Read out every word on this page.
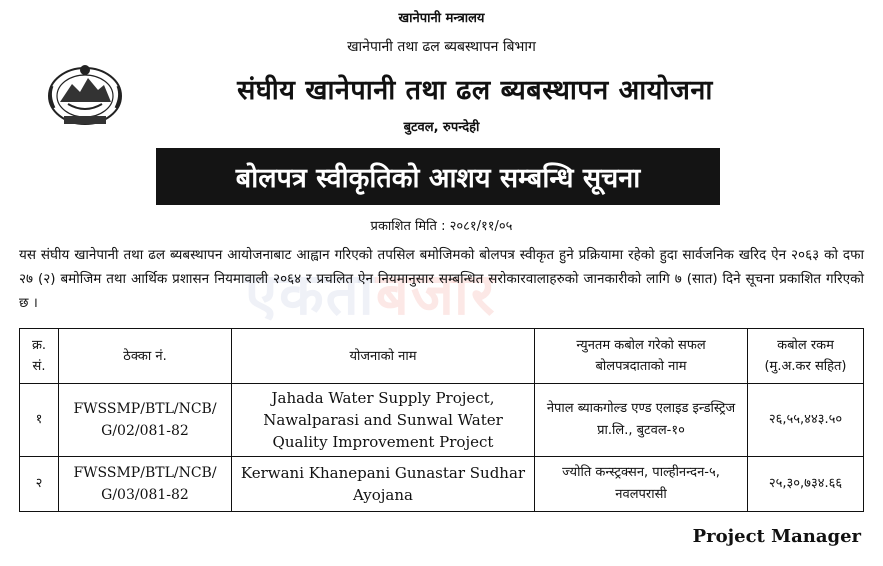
खानेपानी मन्त्रालय
खानेपानी तथा ढल ब्यबस्थापन बिभाग
संघीय खानेपानी तथा ढल ब्यबस्थापन आयोजना
बुटवल, रुपन्देही
बोलपत्र स्वीकृतिको आशय सम्बन्धि सूचना
प्रकाशित मिति : २०८१/११/०५
एकताबजार
यस संघीय खानेपानी तथा ढल ब्यबस्थापन आयोजनाबाट आह्वान गरिएको तपसिल बमोजिमको बोलपत्र स्वीकृत हुने प्रक्रियामा रहेको हुदा सार्वजनिक खरिद ऐन २०६३ को दफा २७ (२) बमोजिम तथा आर्थिक प्रशासन नियमावाली २०६४ र प्रचलित ऐन नियमानुसार सम्बन्धित सरोकारवालाहरुको जानकारीको लागि ७ (सात) दिने सूचना प्रकाशित गरिएको छ ।
क्र. सं.	ठेक्का नं.	योजनाको नाम	न्युनतम कबोल गरेको सफल बोलपत्रदाताको नाम	कबोल रकम (मु.अ.कर सहित)
१	FWSSMP/BTL/NCB/ G/02/081-82	Jahada Water Supply Project, Nawalparasi and Sunwal Water Quality Improvement Project	नेपाल ब्याकगोल्ड एण्ड एलाइड इन्डस्ट्रिज प्रा.लि., बुटवल-१०	२६,५५,४४३.५०
२	FWSSMP/BTL/NCB/ G/03/081-82	Kerwani Khanepani Gunastar Sudhar Ayojana	ज्योति कन्स्ट्रक्सन, पाल्हीनन्दन-५, नवलपरासी	२५,३०,७३४.६६
Project Manager
